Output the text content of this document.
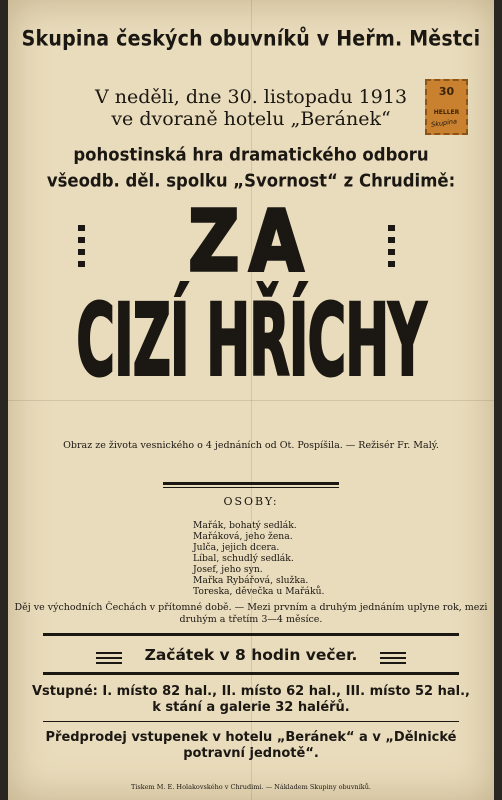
Skupina českých obuvníků v Heřm. Městci
V neděli, dne 30. listopadu 1913
ve dvoraně hotelu „Beránek“
30
HELLER
Skupina
pohostinská hra dramatického odboru
všeodb. děl. spolku „Svornost“ z Chrudimě:
ZA
CIZÍ HŘÍCHY
Obraz ze života vesnického o 4 jednáních od Ot. Pospíšila. — Režisér Fr. Malý.
OSOBY:
Mařák, bohatý sedlák.
Mařáková, jeho žena.
Julča, jejich dcera.
Líbal, schudlý sedlák.
Josef, jeho syn.
Mařka Rybářová, služka.
Toreska, děvečka u Mařáků.
Děj ve východních Čechách v přítomné době. — Mezi prvním a druhým jednáním uplyne rok, mezi
druhým a třetím 3—4 měsíce.
Začátek v 8 hodin večer.
Vstupné: I. místo 82 hal., II. místo 62 hal., III. místo 52 hal.,
k stání a galerie 32 haléřů.
Předprodej vstupenek v hotelu „Beránek“ a v „Dělnické
potravní jednotě“.
Tiskem M. E. Holakovského v Chrudimi. — Nákladem Skupiny obuvníků.
